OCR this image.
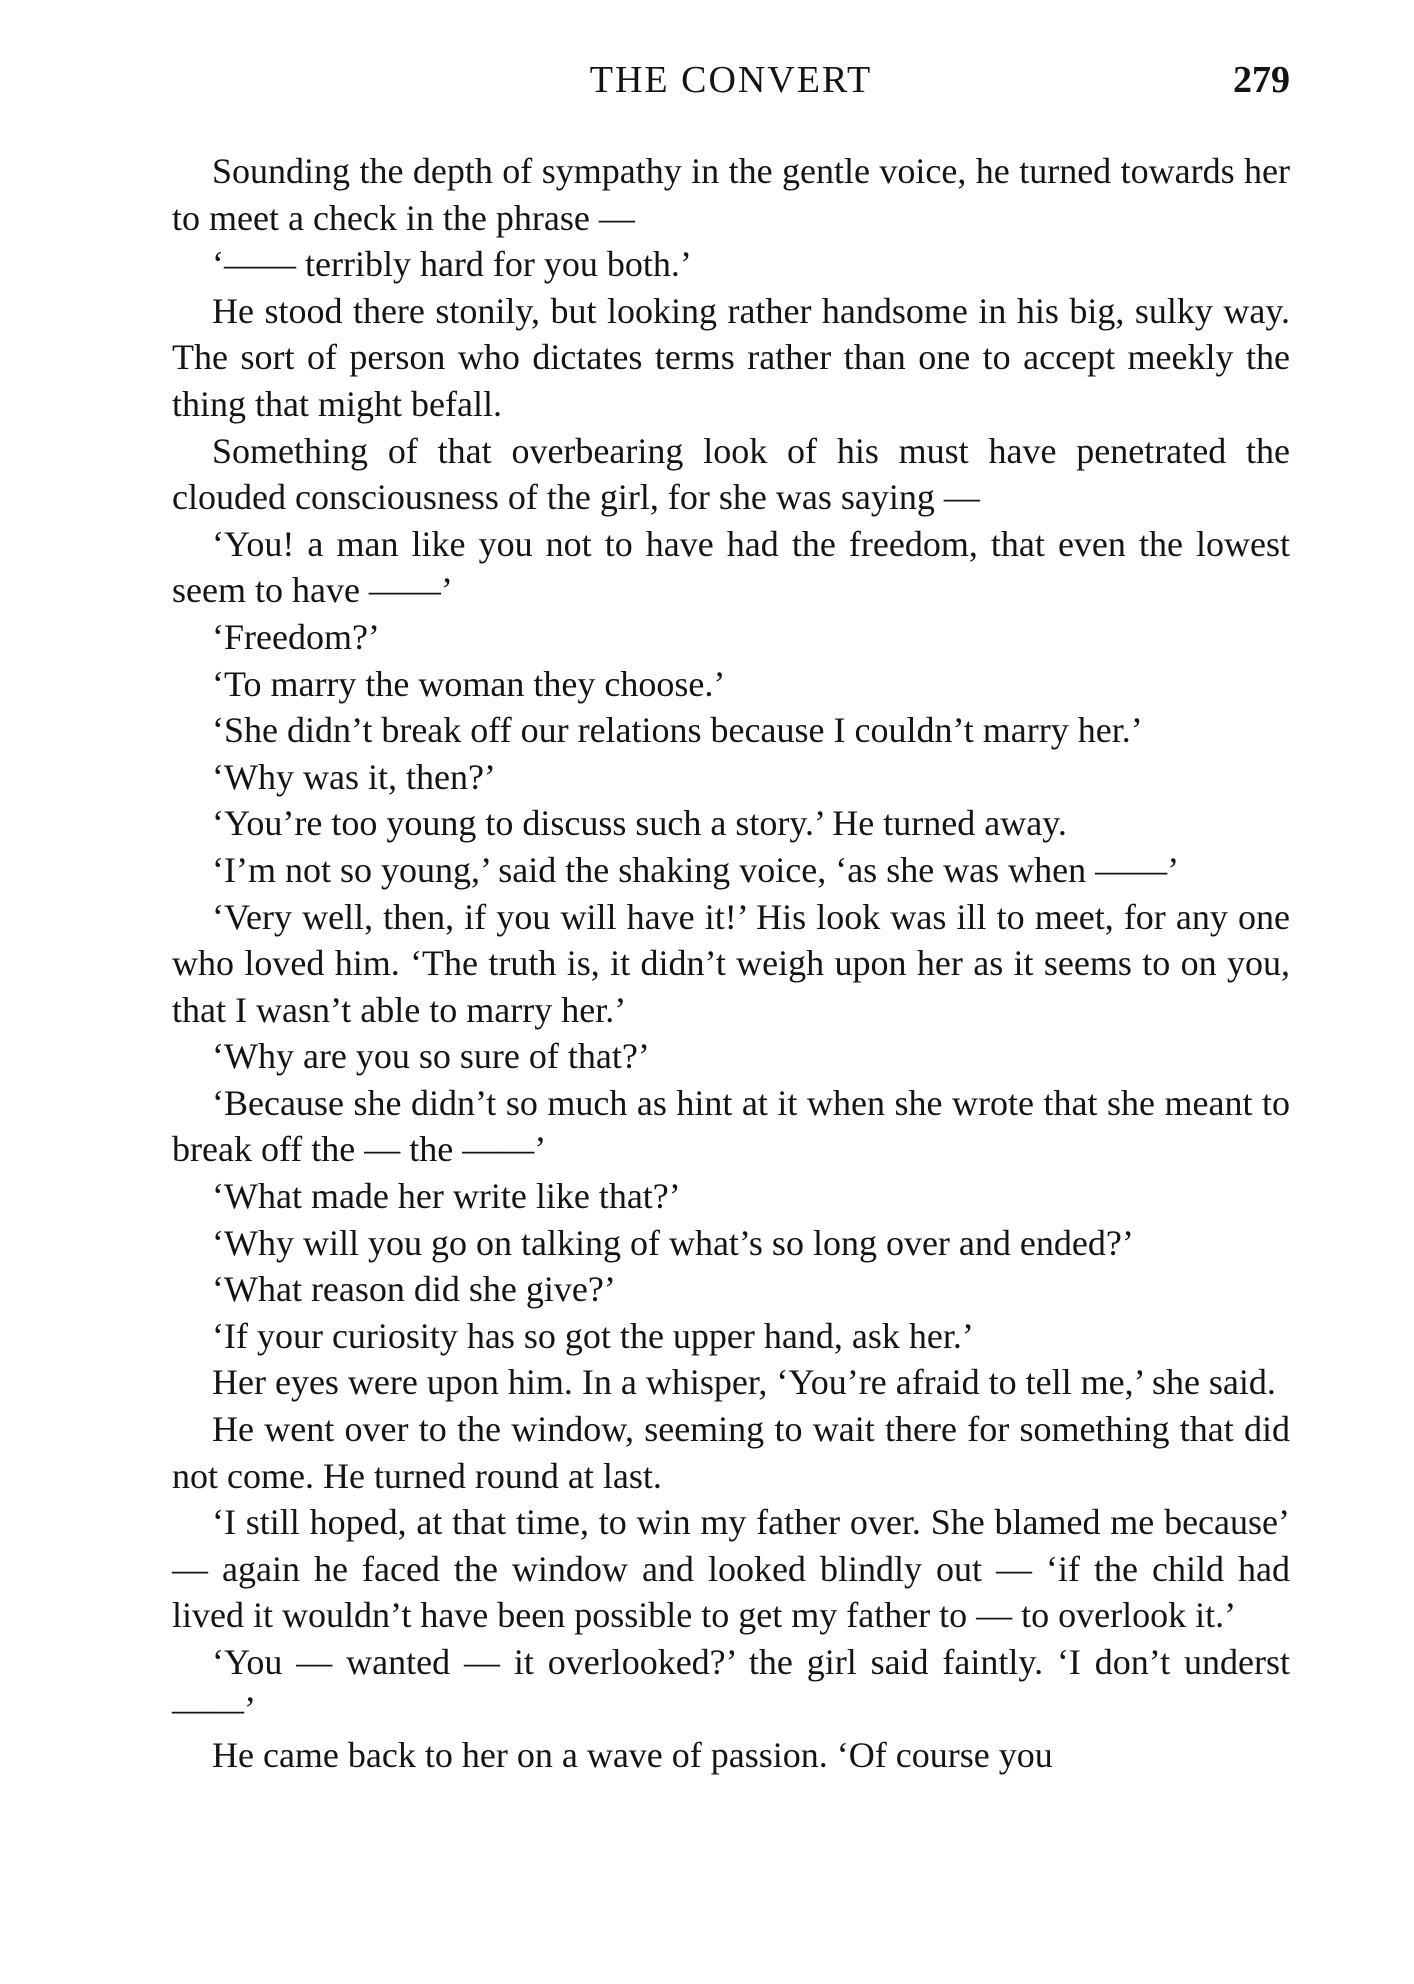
THE CONVERT	279

Sounding the depth of sympathy in the gentle voice, he turned towards her to meet a check in the phrase —

‘—— terribly hard for you both.’

He stood there stonily, but looking rather handsome in his big, sulky way. The sort of person who dictates terms rather than one to accept meekly the thing that might befall.

Something of that overbearing look of his must have penetrated the clouded consciousness of the girl, for she was saying —

‘You! a man like you not to have had the freedom, that even the lowest seem to have ——’

‘Freedom?’

‘To marry the woman they choose.’

‘She didn’t break off our relations because I couldn’t marry her.’

‘Why was it, then?’

‘You’re too young to discuss such a story.’ He turned away.

‘I’m not so young,’ said the shaking voice, ‘as she was when ——’

‘Very well, then, if you will have it!’ His look was ill to meet, for any one who loved him. ‘The truth is, it didn’t weigh upon her as it seems to on you, that I wasn’t able to marry her.’

‘Why are you so sure of that?’

‘Because she didn’t so much as hint at it when she wrote that she meant to break off the — the ——’

‘What made her write like that?’

‘Why will you go on talking of what’s so long over and ended?’

‘What reason did she give?’

‘If your curiosity has so got the upper hand, ask her.’

Her eyes were upon him. In a whisper, ‘You’re afraid to tell me,’ she said.

He went over to the window, seeming to wait there for something that did not come. He turned round at last.

‘I still hoped, at that time, to win my father over. She blamed me because’ — again he faced the window and looked blindly out — ‘if the child had lived it wouldn’t have been possible to get my father to — to overlook it.’

‘You — wanted — it overlooked?’ the girl said faintly. ‘I don’t underst ——’

He came back to her on a wave of passion. ‘Of course you
